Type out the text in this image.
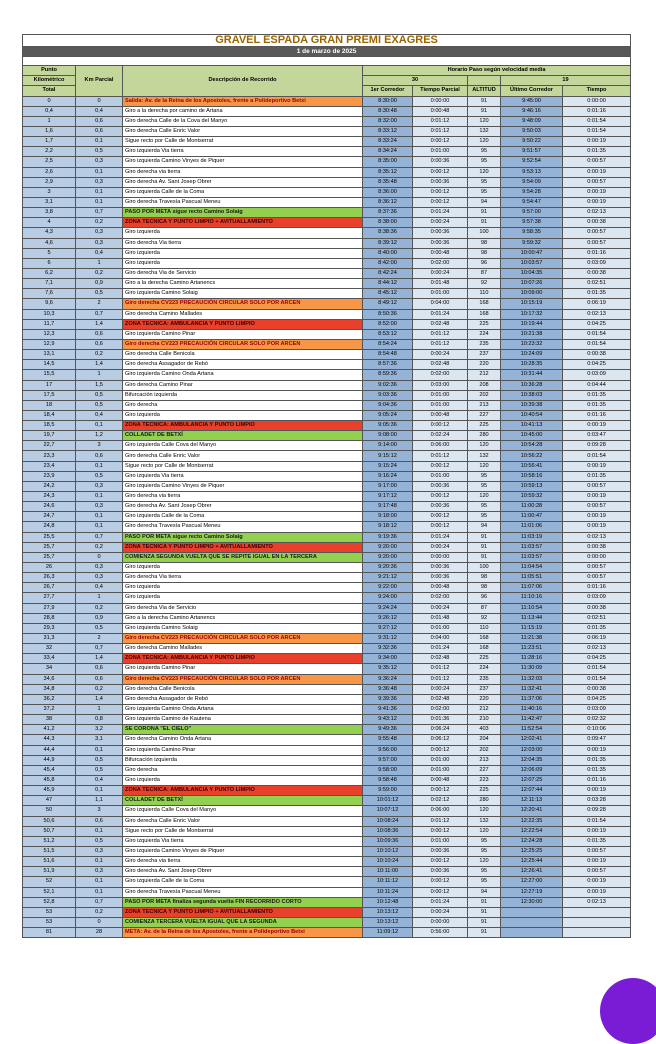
GRAVEL ESPADA GRAN PREMI EXAGRES							
1 de marzo de 2025							

Punto	Km Parcial	Descripción de Recorrido	Horario Paso según velocidad media				
Kilométrico			30			19	
Total			1er Corredor	Tiempo Parcial	ALTITUD	Último Corredor	Tiempo
0	0	Salida: Av. de la Reina de los Apostoles, frente a Polideportivo Betxi	8:30:00	0:00:00	91	9:45:00	0:00:00
0,4	0,4	Giro a la derecha por camino de Artana	8:30:48	0:00:48	91	9:46:16	0:01:16
1	0,6	Giro derecha Calle de la Cova del Manyo	8:32:00	0:01:12	120	9:48:09	0:01:54
1,6	0,6	Giro derecha Calle Enric Valor	8:33:12	0:01:12	132	9:50:03	0:01:54
1,7	0,1	Sigue recto por Calle de Montserrat	8:33:24	0:00:12	120	9:50:22	0:00:19
2,2	0,5	Giro izquierda Via tierra	8:34:24	0:01:00	95	9:51:57	0:01:35
2,5	0,3	Giro izquierda Camino Vinyes de Piquer	8:35:00	0:00:36	95	9:52:54	0:00:57
2,6	0,1	Giro derecha via tierra	8:35:12	0:00:12	120	9:53:13	0:00:19
2,9	0,3	Giro derecha Av. Sant Josep Obrer	8:35:48	0:00:36	95	9:54:09	0:00:57
3	0,1	Giro izquierda Calle de la Coma	8:36:00	0:00:12	95	9:54:28	0:00:19
3,1	0,1	Giro derecha Travesía Pascual Meneu	8:36:12	0:00:12	94	9:54:47	0:00:19
3,8	0,7	PASO POR META sigue recto Camino Solaig	8:37:36	0:01:24	91	9:57:00	0:02:13
4	0,2	ZONA TECNICA Y PUNTO LIMPIO + AVITUALLAMIENTO	8:38:00	0:00:24	91	9:57:38	0:00:38
4,3	0,3	Giro izquierda	8:38:36	0:00:36	100	9:58:35	0:00:57
4,6	0,3	Giro derecha Via tierra	8:39:12	0:00:36	98	9:59:32	0:00:57
5	0,4	Giro izquierda	8:40:00	0:00:48	98	10:00:47	0:01:16
6	1	Giro izquierda	8:42:00	0:02:00	96	10:03:57	0:03:09
6,2	0,2	Giro derecha Via de Servicio	8:42:24	0:00:24	87	10:04:35	0:00:38
7,1	0,9	Giro a la derecha Camino Artanencs	8:44:12	0:01:48	92	10:07:26	0:02:51
7,6	0,5	Giro izquierda Camino Solaig	8:45:12	0:01:00	110	10:09:00	0:01:35
9,6	2	Giro derecha CV223 PRECAUCIÓN CIRCULAR SOLO POR ARCEN	8:49:12	0:04:00	168	10:15:19	0:06:19
10,3	0,7	Giro derecha Camino Mallades	8:50:36	0:01:24	168	10:17:32	0:02:13
11,7	1,4	ZONA TECNICA: AMBULANCIA Y PUNTO LIMPIO	8:52:00	0:02:48	225	10:19:44	0:04:25
12,3	0,6	Giro izquierda Camino Pinar	8:53:12	0:01:12	224	10:21:38	0:01:54
12,9	0,6	Giro derecha CV223 PRECAUCIÓN CIRCULAR SOLO POR ARCEN	8:54:24	0:01:12	235	10:23:32	0:01:54
13,1	0,2	Giro derecha Calle Benicola	8:54:48	0:00:24	237	10:24:09	0:00:38
14,5	1,4	Giro derecha Assagador de Rebó	8:57:36	0:02:48	220	10:28:35	0:04:25
15,5	1	Giro izquierda Camino Onda Artana	8:59:36	0:02:00	212	10:31:44	0:03:09
17	1,5	Giro derecha Camino Pinar	9:02:36	0:03:00	208	10:36:28	0:04:44
17,5	0,5	Bifurcación izquierda	9:03:36	0:01:00	202	10:38:03	0:01:35
18	0,5	Giro derecha	9:04:36	0:01:00	213	10:39:38	0:01:35
18,4	0,4	Giro izquierda	9:05:24	0:00:48	227	10:40:54	0:01:16
18,5	0,1	ZONA TECNICA: AMBULANCIA Y PUNTO LIMPIO	9:05:36	0:00:12	225	10:41:13	0:00:19
19,7	1,2	COLLADET DE BETXÍ	9:08:00	0:02:24	280	10:45:00	0:03:47
22,7	3	Giro izquierda Calle Cova del Manyo	9:14:00	0:06:00	120	10:54:28	0:09:28
23,3	0,6	Giro derecha Calle Enric Valor	9:15:12	0:01:12	132	10:56:22	0:01:54
23,4	0,1	Sigue recto por Calle de Montserrat	9:15:24	0:00:12	120	10:56:41	0:00:19
23,9	0,5	Giro izquierda Via tierra	9:16:24	0:01:00	95	10:58:16	0:01:35
24,2	0,3	Giro izquierda Camino Vinyes de Piquer	9:17:00	0:00:36	95	10:59:13	0:00:57
24,3	0,1	Giro derecha via tierra	9:17:12	0:00:12	120	10:59:32	0:00:19
24,6	0,3	Giro derecha Av. Sant Josep Obrer	9:17:48	0:00:36	95	11:00:28	0:00:57
24,7	0,1	Giro izquierda Calle de la Coma	9:18:00	0:00:12	95	11:00:47	0:00:19
24,8	0,1	Giro derecha Travesía Pascual Meneu	9:18:12	0:00:12	94	11:01:06	0:00:19
25,5	0,7	PASO POR META sigue recto Camino Solaig	9:19:36	0:01:24	91	11:03:19	0:02:13
25,7	0,2	ZONA TECNICA Y PUNTO LIMPIO + AVITUALLAMIENTO	9:20:00	0:00:24	91	11:03:57	0:00:38
25,7	0	COMIENZA SEGUNDA VUELTA QUE SE REPITE IGUAL EN LA TERCERA	9:20:00	0:00:00	91	11:03:57	0:00:00
26	0,3	Giro izquierda	9:20:36	0:00:36	100	11:04:54	0:00:57
26,3	0,3	Giro derecha Via tierra	9:21:12	0:00:36	98	11:05:51	0:00:57
26,7	0,4	Giro izquierda	9:22:00	0:00:48	98	11:07:06	0:01:16
27,7	1	Giro izquierda	9:24:00	0:02:00	96	11:10:16	0:03:09
27,9	0,2	Giro derecha Via de Servicio	9:24:24	0:00:24	87	11:10:54	0:00:38
28,8	0,9	Giro a la derecha Camino Artanencs	9:26:12	0:01:48	92	11:13:44	0:02:51
29,3	0,5	Giro izquierda Camino Solaig	9:27:12	0:01:00	110	11:15:19	0:01:35
31,3	2	Giro derecha CV223 PRECAUCIÓN CIRCULAR SOLO POR ARCEN	9:31:12	0:04:00	168	11:21:38	0:06:19
32	0,7	Giro derecha Camino Mallades	9:32:36	0:01:24	168	11:23:51	0:02:13
33,4	1,4	ZONA TECNICA: AMBULANCIA Y PUNTO LIMPIO	9:34:00	0:02:48	225	11:28:16	0:04:25
34	0,6	Giro izquierda Camino Pinar	9:35:12	0:01:12	224	11:30:09	0:01:54
34,6	0,6	Giro derecha CV223 PRECAUCIÓN CIRCULAR SOLO POR ARCEN	9:36:24	0:01:12	235	11:32:03	0:01:54
34,8	0,2	Giro derecha Calle Benicola	9:36:48	0:00:24	237	11:32:41	0:00:38
36,2	1,4	Giro derecha Assagador de Rebó	9:39:36	0:02:48	220	11:37:06	0:04:25
37,2	1	Giro izquierda Camino Onda Artana	9:41:36	0:02:00	212	11:40:16	0:03:09
38	0,8	Giro izquierda Camino de Kautena	9:43:12	0:01:36	210	11:42:47	0:02:32
41,2	3,2	SE CORONA "EL CIELO"	9:49:36	0:06:24	403	11:52:54	0:10:06
44,3	3,1	Giro derecha Camino Onda Artana	9:55:48	0:06:12	204	12:02:41	0:09:47
44,4	0,1	Giro izquierda Camino Pinar	9:56:00	0:00:12	202	12:03:00	0:00:19
44,9	0,5	Bifurcación izquierda	9:57:00	0:01:00	213	12:04:35	0:01:35
45,4	0,5	Giro derecha	9:58:00	0:01:00	227	12:06:09	0:01:35
45,8	0,4	Giro izquierda	9:58:48	0:00:48	223	12:07:25	0:01:16
45,9	0,1	ZONA TECNICA: AMBULANCIA Y PUNTO LIMPIO	9:59:00	0:00:12	225	12:07:44	0:00:19
47	1,1	COLLADET DE BETXÍ	10:01:12	0:02:12	280	12:11:13	0:03:28
50	3	Giro izquierda Calle Cova del Manyo	10:07:12	0:06:00	120	12:20:41	0:09:28
50,6	0,6	Giro derecha Calle Enric Valor	10:08:24	0:01:12	132	12:22:35	0:01:54
50,7	0,1	Sigue recto por Calle de Montserrat	10:08:36	0:00:12	120	12:22:54	0:00:19
51,2	0,5	Giro izquierda Via tierra	10:09:36	0:01:00	95	12:24:28	0:01:35
51,5	0,3	Giro izquierda Camino Vinyes de Piquer	10:10:12	0:00:36	95	12:25:25	0:00:57
51,6	0,1	Giro derecha via tierra	10:10:24	0:00:12	120	12:25:44	0:00:19
51,9	0,3	Giro derecha Av. Sant Josep Obrer	10:11:00	0:00:36	95	12:26:41	0:00:57
52	0,1	Giro izquierda Calle de la Coma	10:11:12	0:00:12	95	12:27:00	0:00:19
52,1	0,1	Giro derecha Travesía Pascual Meneu	10:11:24	0:00:12	94	12:27:19	0:00:19
52,8	0,7	PASO POR META finaliza segunda vuelta FIN RECORRIDO CORTO	10:12:48	0:01:24	91	12:30:00	0:02:13
53	0,2	ZONA TECNICA Y PUNTO LIMPIO + AVITUALLAMIENTO	10:13:12	0:00:24	91		
53	0	COMIENZA TERCERA VUELTA IGUAL QUE LA SEGUNDA	10:13:12	0:00:00	91		
81	28	META: Av. de la Reina de los Apostoles, frente a Polideportivo Betxi	11:09:12	0:56:00	91		
